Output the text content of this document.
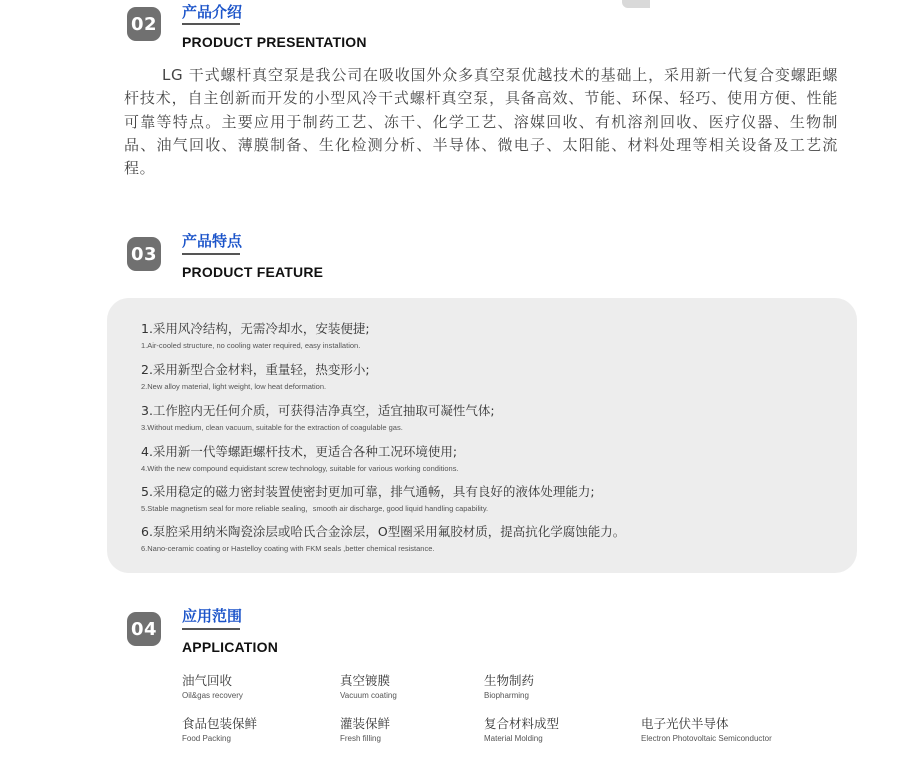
02
产品介绍
PRODUCT PRESENTATION

LG 干式螺杆真空泵是我公司在吸收国外众多真空泵优越技术的基础上，采用新一代复合变螺距螺杆技术，自主创新而开发的小型风冷干式螺杆真空泵，具备高效、节能、环保、轻巧、使用方便、性能可靠等特点。主要应用于制药工艺、冻干、化学工艺、溶媒回收、有机溶剂回收、医疗仪器、生物制品、油气回收、薄膜制备、生化检测分析、半导体、微电子、太阳能、材料处理等相关设备及工艺流程。

03
产品特点
PRODUCT FEATURE
1.采用风冷结构，无需冷却水，安装便捷;
1.Air-cooled structure, no cooling water required, easy installation.
2.采用新型合金材料，重量轻，热变形小;
2.New alloy material, light weight, low heat deformation.
3.工作腔内无任何介质，可获得洁净真空，适宜抽取可凝性气体;
3.Without medium, clean vacuum, suitable for the extraction of coagulable gas.
4.采用新一代等螺距螺杆技术，更适合各种工况环境使用;
4.With the new compound equidistant screw technology, suitable for various working conditions.
5.采用稳定的磁力密封装置使密封更加可靠，排气通畅，具有良好的液体处理能力;
5.Stable magnetism seal for more reliable sealing，smooth air discharge, good liquid handling capability.
6.泵腔采用纳米陶瓷涂层或哈氏合金涂层，O型圈采用氟胶材质，提高抗化学腐蚀能力。
6.Nano-ceramic coating or Hastelloy coating with FKM seals ,better chemical resistance.
04
应用范围
APPLICATION
油气回收
Oil&gas recovery
真空镀膜
Vacuum coating
生物制药
Biopharming
食品包装保鲜
Food Packing
灌装保鲜
Fresh filling
复合材料成型
Material Molding
电子光伏半导体
Electron Photovoltaic Semiconductor
